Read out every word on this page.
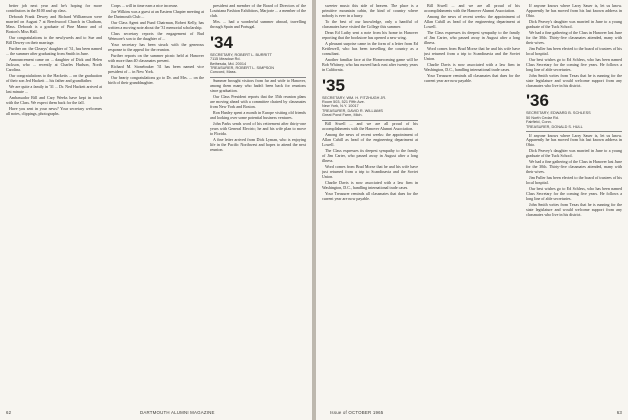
better job next year and he's hoping for more contributors in the $100 and up class.

Deborah Frank Dewey and Richard Williamson were married on August 7 at Beechwood Church in Chatham, Mass. Deborah is a graduate of Pine Manor and of Boston's Miss Hall.

Our congratulations to the newlyweds and to Sue and Bill Dewey on their marriage.

Further on: the Clearys' daughter of '31, has been named ... the summer after graduating from Smith in June.

Announcement came on ... daughter of Dick and Helen Jackson, who ... recently at Charles Hudson, North Carolina.

Our congratulations to the Hacketts ... on the graduation of their son Jed Hackett ... his father and grandfather.

We are quite a family in '31 ... Dr. Ned Hackett arrived at last minute ...

Ambassador Bill and Cary Weeks have kept in touch with the Class. We expect them back for the fall.

Have you sent in your news? Your secretary welcomes all notes, clippings, photographs.

Corps ... will in time earn a nice increase.

Joe Wilkins was a guest at an Eastern Chapter meeting at the Dartmouth Club ...

Our Class Agent and Fund Chairman, Robert Kelly, has written a moving note about the '31 memorial scholarship.

Class secretary reports the engagement of Bud Wetmore's son to the daughter of ...

Your secretary has been struck with the generous response to the appeal for the reunion.

Further reports on the summer picnic held at Hanover with more than 40 classmates present.

Richard M. Stonebraker '31 has been named vice president of ... in New York.

Our hearty congratulations go to Dr. and Mrs. ... on the birth of their granddaughter.

president and member of the Board of Directors of the Louisiana Fashion Exhibitors, Marjorie ... a member of the club.

Mrs. ... had a wonderful summer abroad, travelling through Spain and Portugal.

'34
SECRETARY, ROBERT L. BURRITT
7115 Meadow Rd.
Bethesda, Md. 20014
TREASURER, ROBERT L. SIMPSON
Concord, Mass.

Summer brought visitors from far and wide to Hanover, among them many who hadn't been back for reunions since graduation.

Our Class President reports that the 35th reunion plans are moving ahead with a committee chaired by classmates from New York and Boston.

Ron Hanley spent a month in Europe visiting old friends and looking over some potential business ventures.

John Parks sends word of his retirement after thirty-one years with General Electric; he and his wife plan to move to Florida.

A fine letter arrived from Dick Lyman, who is enjoying life in the Pacific Northwest and hopes to attend the next reunion.

62	DARTMOUTH ALUMNI MAGAZINE

sweeter music this side of heaven. The place is a primitive mountain cabin, the kind of country where nobody is ever in a hurry.

To the best of our knowledge, only a handful of classmates have visited the College this summer.

Dean Ed Luthy sent a note from his home in Hanover reporting that the bookstore has opened a new wing.

A pleasant surprise came in the form of a letter from Ed Kettlewell, who has been travelling the country as a consultant.

Another familiar face at the Homecoming game will be Bob Whitney, who has moved back east after twenty years in California.

'35
SECRETARY, WM. H. FITZHUGH JR.
Room 503, 521 Fifth Ave.
New York, N.Y. 10017
TREASURER, DAVID R. WILLIAMS
Great Pond Farm, Mich.

Bill Siwell ... and we are all proud of his accomplishments with the Hanover Alumni Association.

Among the news of recent weeks: the appointment of Allan Cahill as head of the engineering department at Lowell.

The Class expresses its deepest sympathy to the family of Jim Carter, who passed away in August after a long illness.

Word comes from Brad Morse that he and his wife have just returned from a trip to Scandinavia and the Soviet Union.

Charlie Davis is now associated with a law firm in Washington, D.C., handling international trade cases.

Your Treasurer reminds all classmates that dues for the current year are now payable.

Bill Siwell ... and we are all proud of his accomplishments with the Hanover Alumni Association.

Among the news of recent weeks: the appointment of Allan Cahill as head of the engineering department at Lowell.

The Class expresses its deepest sympathy to the family of Jim Carter, who passed away in August after a long illness.

Word comes from Brad Morse that he and his wife have just returned from a trip to Scandinavia and the Soviet Union.

Charlie Davis is now associated with a law firm in Washington, D.C., handling international trade cases.

Your Treasurer reminds all classmates that dues for the current year are now payable.

If anyone knows where Larry Sauer is, let us know. Apparently he has moved from his last known address in Ohio.

Dick Peavey's daughter was married in June to a young graduate of the Tuck School.

We had a fine gathering of the Class in Hanover last June for the 30th. Thirty-five classmates attended, many with their wives.

Jim Fuller has been elected to the board of trustees of his local hospital.

Our best wishes go to Ed Schless, who has been named Class Secretary for the coming five years. He follows a long line of able secretaries.

John Smith writes from Texas that he is running for the state legislature and would welcome support from any classmates who live in his district.

'36
SECRETARY, EDWARD B. SCHLESS
50 North Cedar Rd.
Fairfield, Conn.
TREASURER, DONALD S. HULL

If anyone knows where Larry Sauer is, let us know. Apparently he has moved from his last known address in Ohio.

Dick Peavey's daughter was married in June to a young graduate of the Tuck School.

We had a fine gathering of the Class in Hanover last June for the 30th. Thirty-five classmates attended, many with their wives.

Jim Fuller has been elected to the board of trustees of his local hospital.

Our best wishes go to Ed Schless, who has been named Class Secretary for the coming five years. He follows a long line of able secretaries.

John Smith writes from Texas that he is running for the state legislature and would welcome support from any classmates who live in his district.

Issue of OCTOBER 1965	63
